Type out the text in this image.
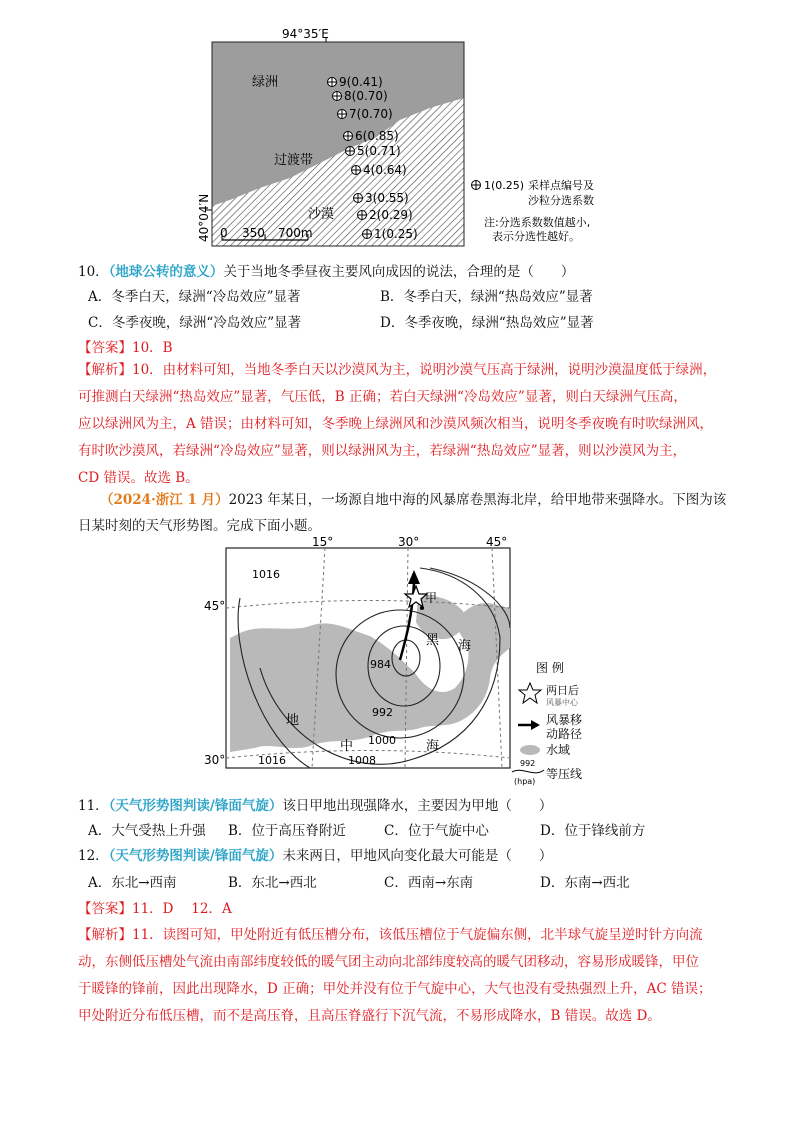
94°35′E
40°04′N
绿洲
过渡带
沙漠
9(0.41)
8(0.70)
7(0.70)
6(0.85)
5(0.71)
4(0.64)
3(0.55)
2(0.29)
1(0.25)
0 350 700m
1(0.25) 采样点编号及
沙粒分选系数
注:分选系数数值越小,
表示分选性越好。
10．（地球公转的意义）关于当地冬季昼夜主要风向成因的说法，合理的是（　　）
A．冬季白天，绿洲“冷岛效应”显著	B．冬季白天，绿洲“热岛效应”显著
C．冬季夜晚，绿洲“冷岛效应”显著	D．冬季夜晚，绿洲“热岛效应”显著
【答案】10．B
【解析】10．由材料可知，当地冬季白天以沙漠风为主，说明沙漠气压高于绿洲，说明沙漠温度低于绿洲，
可推测白天绿洲“热岛效应”显著，气压低，B 正确；若白天绿洲“冷岛效应”显著，则白天绿洲气压高，
应以绿洲风为主，A 错误；由材料可知，冬季晚上绿洲风和沙漠风频次相当，说明冬季夜晚有时吹绿洲风，
有时吹沙漠风，若绿洲“冷岛效应”显著，则以绿洲风为主，若绿洲“热岛效应”显著，则以沙漠风为主，
CD 错误。故选 B。
（2024·浙江 1 月）2023 年某日，一场源自地中海的风暴席卷黑海北岸，给甲地带来强降水。下图为该
日某时刻的天气形势图。完成下面小题。
15°	30°	45°
45°
30°
1016
984
992
1000
1008
1016
甲
黑 海
地
中	海
图 例
两日后
风暴中心
风暴移
动路径
水域
992
(hpa)
等压线
11．（天气形势图判读/锋面气旋）该日甲地出现强降水，主要因为甲地（　　）
A．大气受热上升强 B．位于高压脊附近	C．位于气旋中心	D．位于锋线前方
12．（天气形势图判读/锋面气旋）未来两日，甲地风向变化最大可能是（　　）
A．东北→西南	B．东北→西北	C．西南→东南	D．东南→西北
【答案】11．D　 12．A
【解析】11．读图可知，甲处附近有低压槽分布，该低压槽位于气旋偏东侧，北半球气旋呈逆时针方向流
动，东侧低压槽处气流由南部纬度较低的暖气团主动向北部纬度较高的暖气团移动，容易形成暖锋，甲位
于暖锋的锋前，因此出现降水，D 正确；甲处并没有位于气旋中心，大气也没有受热强烈上升，AC 错误；
甲处附近分布低压槽，而不是高压脊，且高压脊盛行下沉气流，不易形成降水，B 错误。故选 D。
